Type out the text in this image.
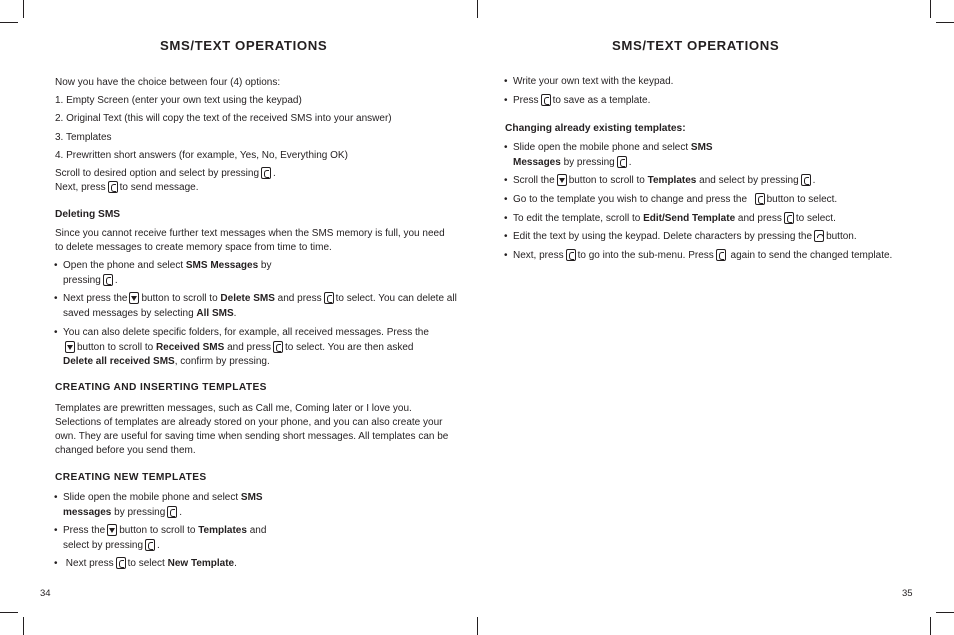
SMS/TEXT OPERATIONS

Now you have the choice between four (4) options:

1. Empty Screen (enter your own text using the keypad)

2. Original Text (this will copy the text of the received SMS into your answer)

3. Templates

4. Prewritten short answers (for example, Yes, No, Everything OK)

Scroll to desired option and select by pressing .

Next, press to send message.

Deleting SMS

Since you cannot receive further text messages when the SMS memory is full, you need to delete messages to create memory space from time to time.

• Open the phone and select SMS Messages by
pressing .

• Next press the button to scroll to Delete SMS and press to select. You can delete all saved messages by selecting All SMS.

• You can also delete specific folders, for example, all received messages. Press the
button to scroll to Received SMS and press to select. You are then asked
Delete all received SMS, confirm by pressing.

CREATING AND INSERTING TEMPLATES

Templates are prewritten messages, such as Call me, Coming later or I love you. Selections of templates are already stored on your phone, and you can also create your own. They are useful for saving time when sending short messages. All templates can be changed before you send them.

CREATING NEW TEMPLATES

• Slide open the mobile phone and select SMS
messages by pressing .

• Press the button to scroll to Templates and
select by pressing .

• Next press to select New Template.

34
SMS/TEXT OPERATIONS

• Write your own text with the keypad.

• Press to save as a template.

Changing already existing templates:

• Slide open the mobile phone and select SMS
Messages by pressing .

• Scroll the button to scroll to Templates and select by pressing .

• Go to the template you wish to change and press the button to select.

• To edit the template, scroll to Edit/Send Template and press to select.

• Edit the text by using the keypad. Delete characters by pressing the button.

• Next, press to go into the sub-menu. Press again to send the changed template.

35
